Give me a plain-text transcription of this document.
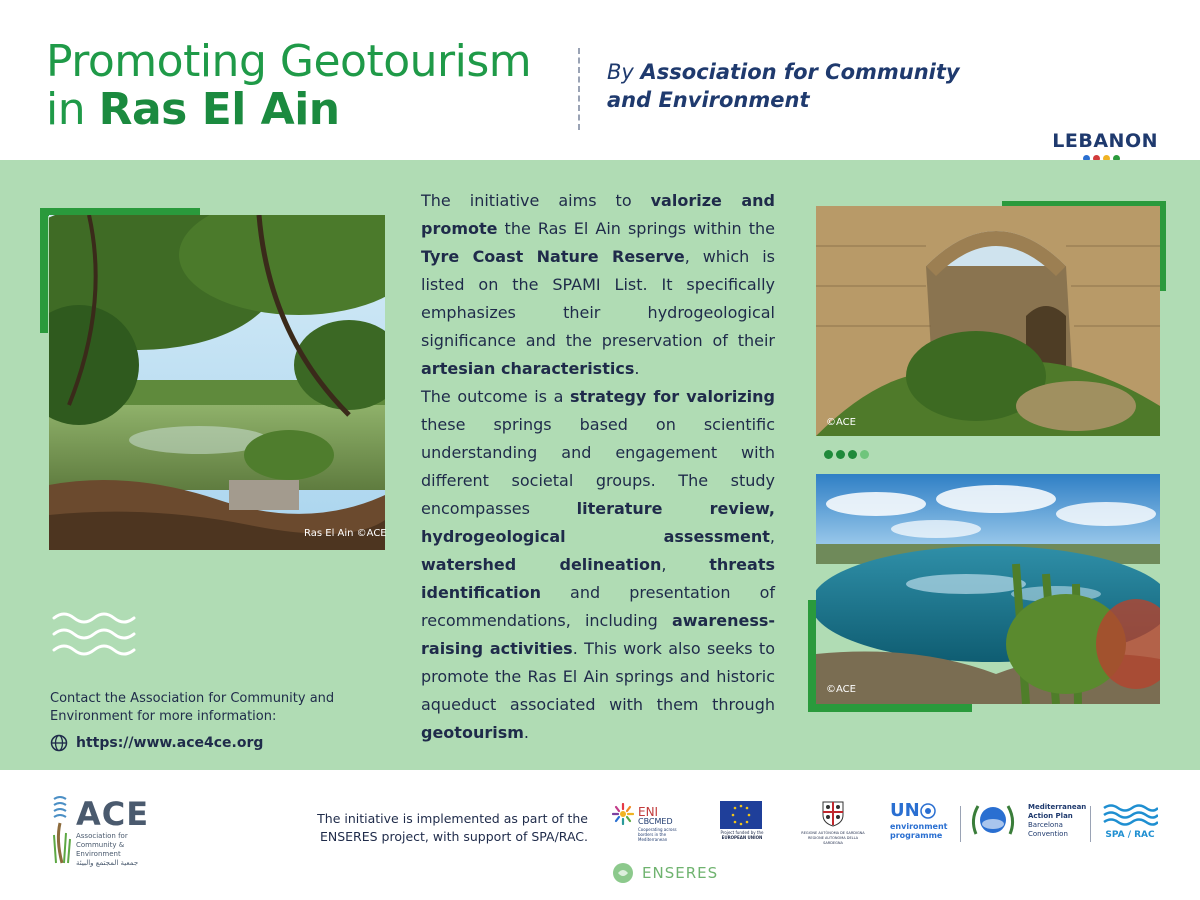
Promoting Geotourism
in Ras El Ain
By Association for Community
and Environment
LEBANON
Ras El Ain ©ACE
Contact the Association for Community and Environment for more information:
https://www.ace4ce.org
The initiative aims to valorize and promote the Ras El Ain springs within the Tyre Coast Nature Reserve, which is listed on the SPAMI List. It specifically emphasizes their hydrogeological significance and the preservation of their artesian characteristics.
The outcome is a strategy for valorizing these springs based on scientific understanding and engagement with different societal groups. The study encompasses literature review, hydrogeological assessment, watershed delineation, threats identification and presentation of recommendations, including awareness-raising activities. This work also seeks to promote the Ras El Ain springs and historic aqueduct associated with them through geotourism.
©ACE
©ACE
ACE
Association for
Community & Environment
جمعية المجتمع والبيئة
The initiative is implemented as part of the
ENSERES project, with support of SPA/RAC.
ENI
CBCMED
Cooperating across borders in the Mediterranean
Project funded by the
EUROPEAN UNION
REGIONE AUTÒNOMA DE SARDIGNA
REGIONE AUTONOMA DELLA SARDEGNA
UN
environment
programme
Mediterranean
Action Plan
Barcelona
Convention	SPA / RAC
ENSERES
